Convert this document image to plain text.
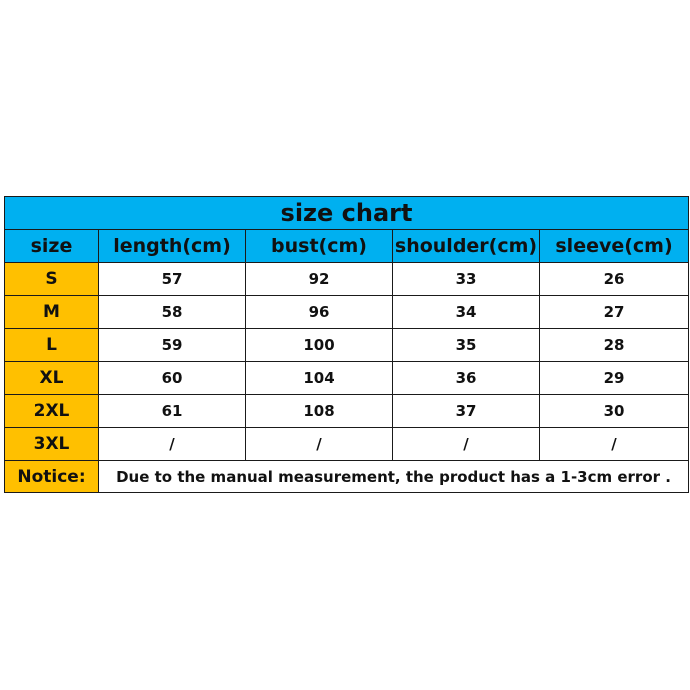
size chart				
size	length(cm)	bust(cm)	shoulder(cm)	sleeve(cm)
S	57	92	33	26
M	58	96	34	27
L	59	100	35	28
XL	60	104	36	29
2XL	61	108	37	30
3XL	/	/	/	/
Notice:	Due to the manual measurement, the product has a 1-3cm error .			
